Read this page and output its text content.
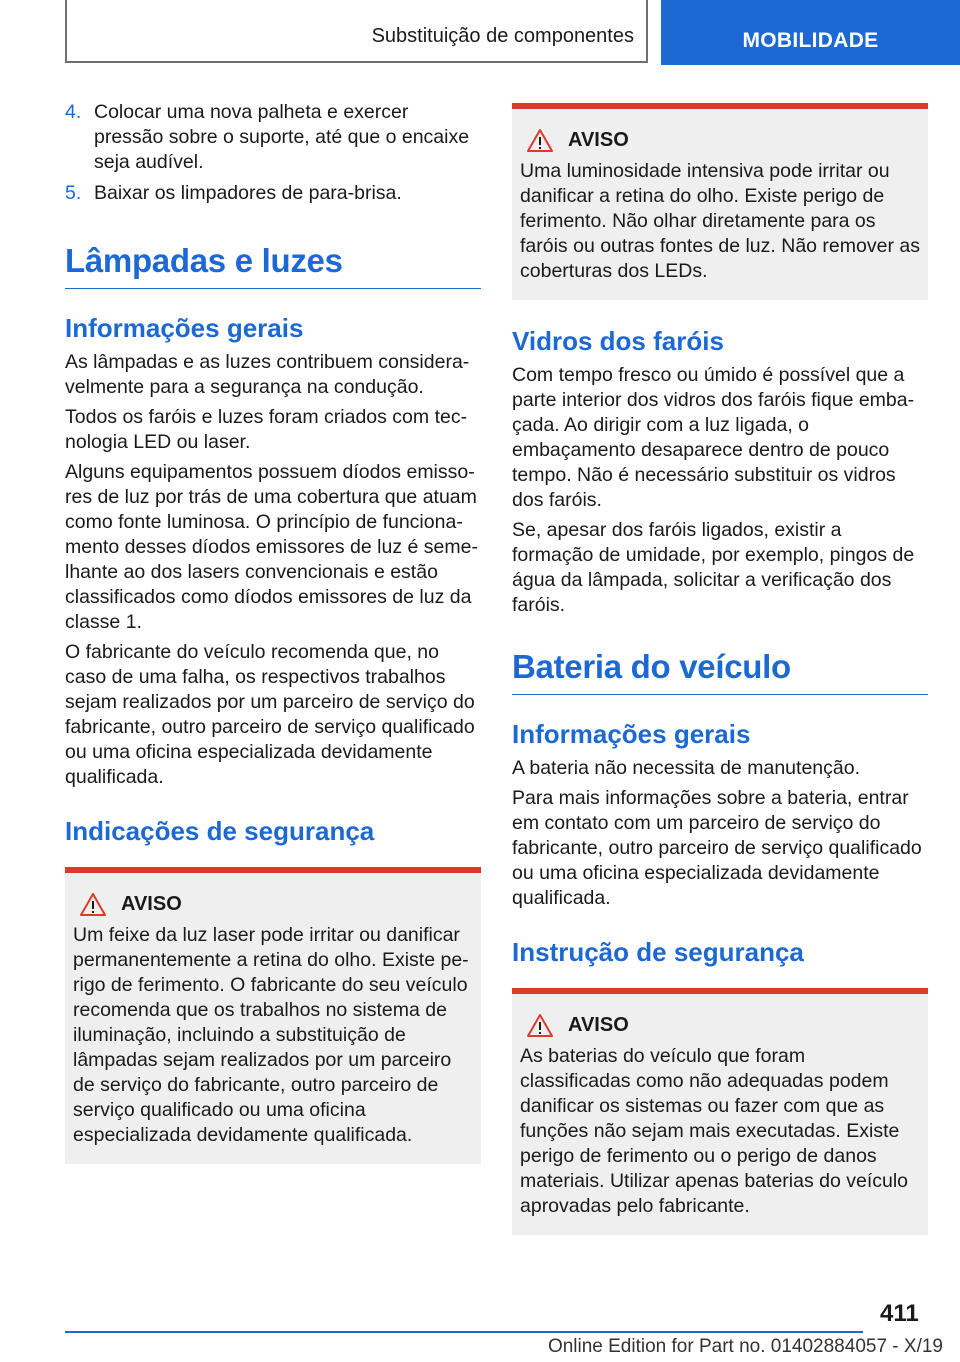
Substituição de componentes	MOBILIDADE
4. Colocar uma nova palheta e exercer pressão sobre o suporte, até que o encaixe seja audível.
5. Baixar os limpadores de para-brisa.
Lâmpadas e luzes
Informações gerais

As lâmpadas e as luzes contribuem consideravelmente para a segurança na condução.

Todos os faróis e luzes foram criados com tecnologia LED ou laser.

Alguns equipamentos possuem díodos emissores de luz por trás de uma cobertura que atuam como fonte luminosa. O princípio de funcionamento desses díodos emissores de luz é semelhante ao dos lasers convencionais e estão classificados como díodos emissores de luz da classe 1.

O fabricante do veículo recomenda que, no caso de uma falha, os respectivos trabalhos sejam realizados por um parceiro de serviço do fabricante, outro parceiro de serviço qualificado ou uma oficina especializada devidamente qualificada.

Indicações de segurança
AVISO

Um feixe da luz laser pode irritar ou danificar permanentemente a retina do olho. Existe perigo de ferimento. O fabricante do seu veículo recomenda que os trabalhos no sistema de iluminação, incluindo a substituição de lâmpadas sejam realizados por um parceiro de serviço do fabricante, outro parceiro de serviço qualificado ou uma oficina especializada devidamente qualificada.

AVISO

Uma luminosidade intensiva pode irritar ou danificar a retina do olho. Existe perigo de ferimento. Não olhar diretamente para os faróis ou outras fontes de luz. Não remover as coberturas dos LEDs.

Vidros dos faróis

Com tempo fresco ou úmido é possível que a parte interior dos vidros dos faróis fique embaçada. Ao dirigir com a luz ligada, o embaçamento desaparece dentro de pouco tempo. Não é necessário substituir os vidros dos faróis.

Se, apesar dos faróis ligados, existir a formação de umidade, por exemplo, pingos de água da lâmpada, solicitar a verificação dos faróis.

Bateria do veículo
Informações gerais

A bateria não necessita de manutenção.

Para mais informações sobre a bateria, entrar em contato com um parceiro de serviço do fabricante, outro parceiro de serviço qualificado ou uma oficina especializada devidamente qualificada.

Instrução de segurança
AVISO

As baterias do veículo que foram classificadas como não adequadas podem danificar os sistemas ou fazer com que as funções não sejam mais executadas. Existe perigo de ferimento ou o perigo de danos materiais. Utilizar apenas baterias do veículo aprovadas pelo fabricante.

411
Online Edition for Part no. 01402884057 - X/19
